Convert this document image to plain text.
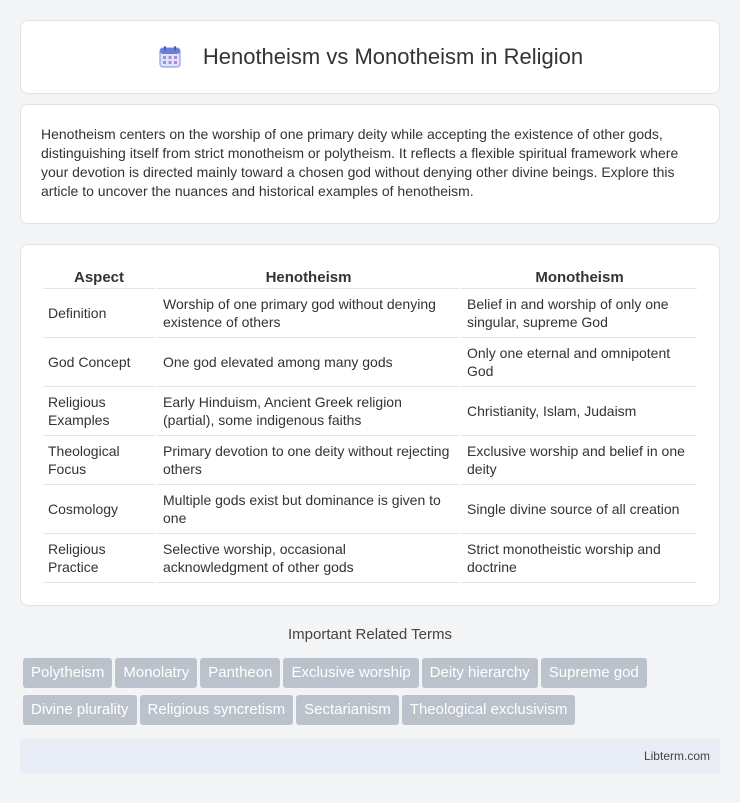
Henotheism vs Monotheism in Religion

Henotheism centers on the worship of one primary deity while accepting the existence of other gods, distinguishing itself from strict monotheism or polytheism. It reflects a flexible spiritual framework where your devotion is directed mainly toward a chosen god without denying other divine beings. Explore this article to uncover the nuances and historical examples of henotheism.

Aspect	Henotheism	Monotheism
Definition	Worship of one primary god without denying existence of others	Belief in and worship of only one singular, supreme God
God Concept	One god elevated among many gods	Only one eternal and omnipotent God
Religious Examples	Early Hinduism, Ancient Greek religion (partial), some indigenous faiths	Christianity, Islam, Judaism
Theological Focus	Primary devotion to one deity without rejecting others	Exclusive worship and belief in one deity
Cosmology	Multiple gods exist but dominance is given to one	Single divine source of all creation
Religious Practice	Selective worship, occasional acknowledgment of other gods	Strict monotheistic worship and doctrine
Important Related Terms
Polytheism Monolatry Pantheon Exclusive worship Deity hierarchy Supreme god
Divine plurality Religious syncretism Sectarianism Theological exclusivism
Libterm.com
